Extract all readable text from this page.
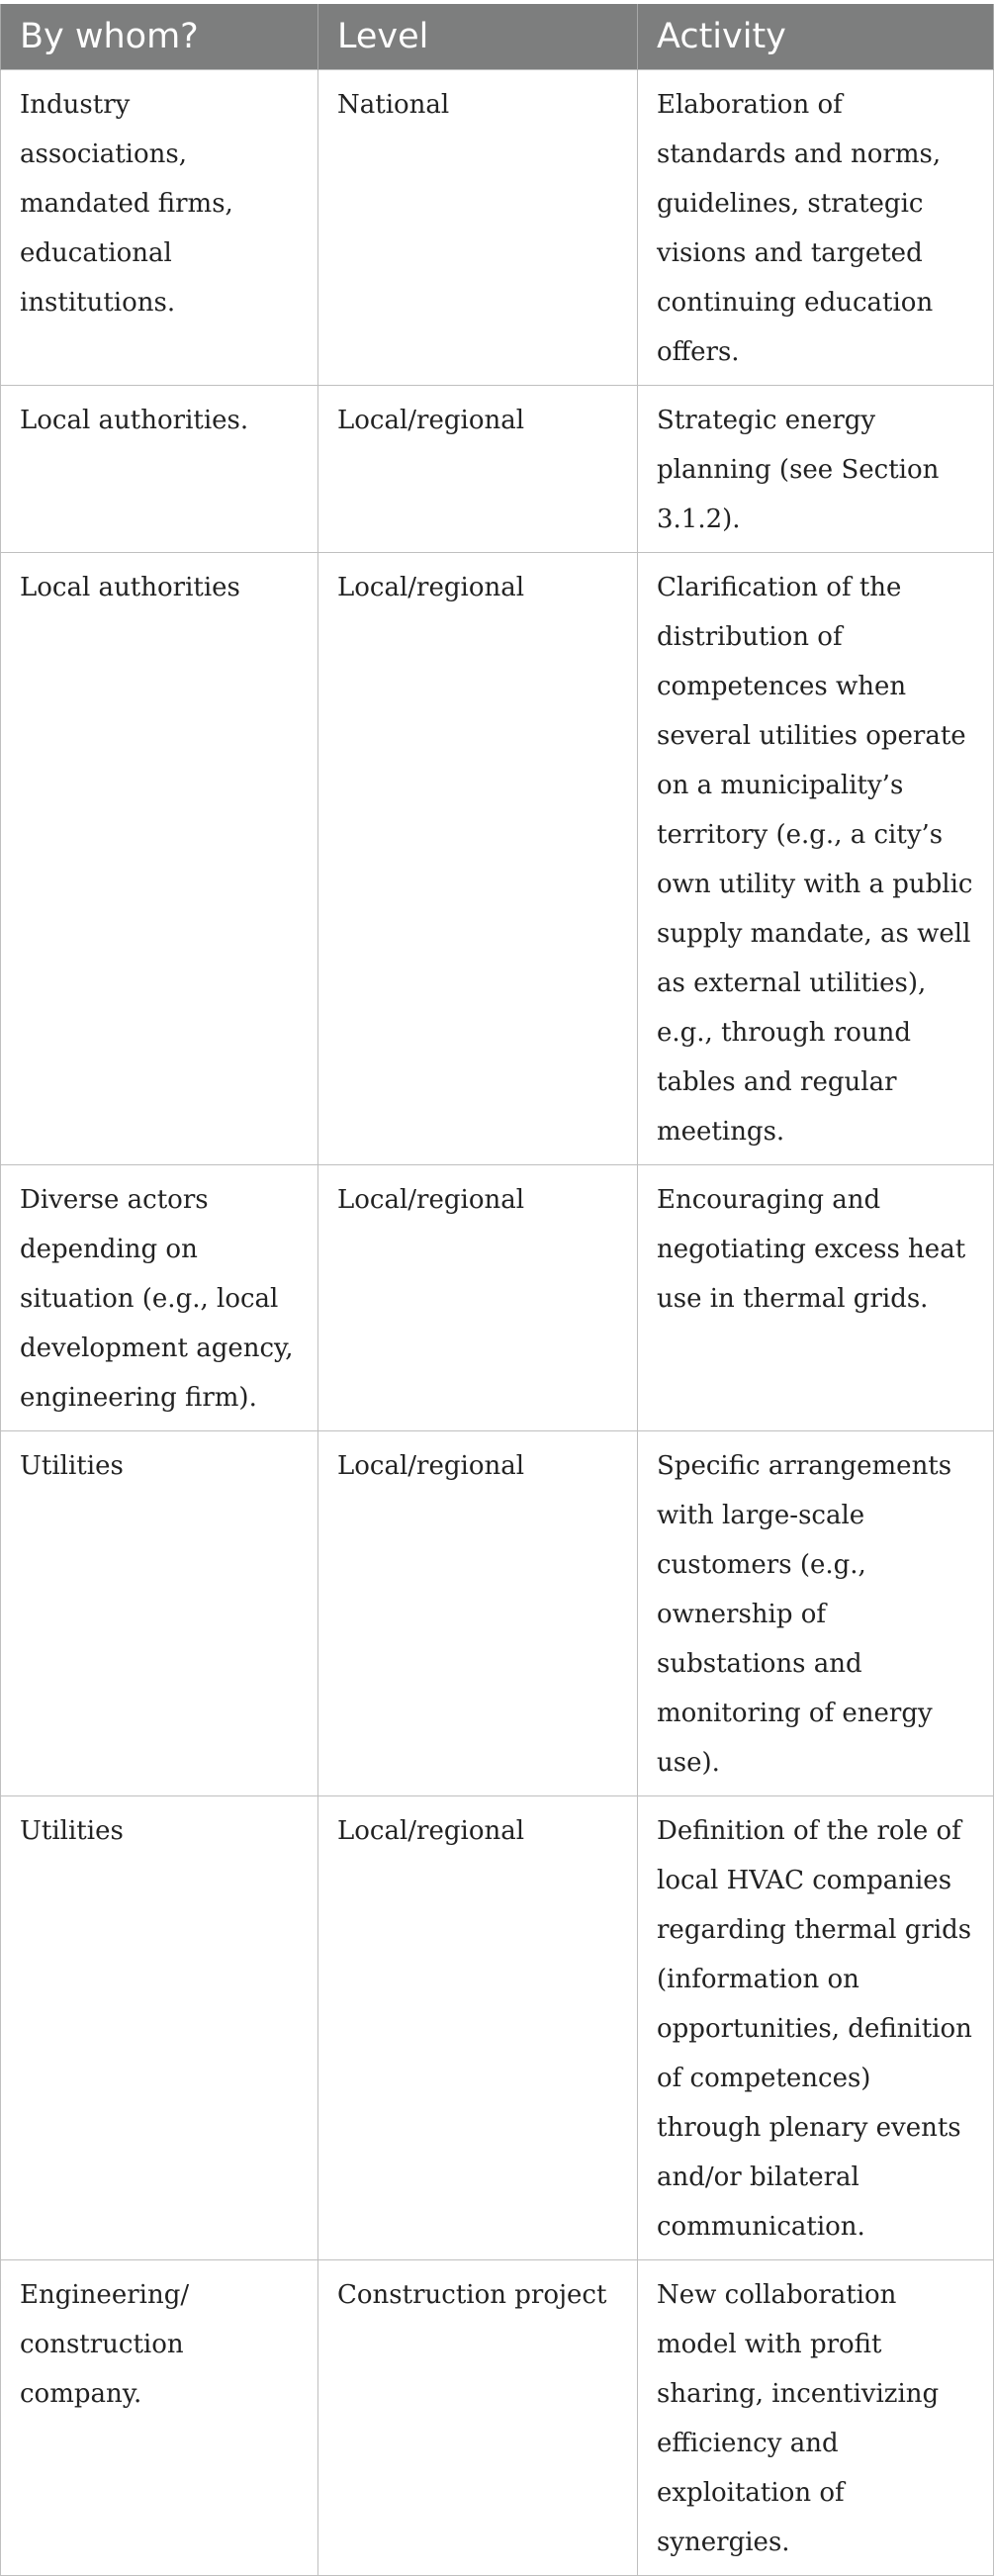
By whom?	Level	Activity
Industry associations, mandated firms, educational institutions.	National	Elaboration of standards and norms, guidelines, strategic visions and targeted continuing education offers.
Local authorities.	Local/regional	Strategic energy planning (see Section 3.1.2).
Local authorities	Local/regional	Clarification of the distribution of competences when several utilities operate on a municipality’s territory (e.g., a city’s own utility with a public supply mandate, as well as external utilities), e.g., through round tables and regular meetings.
Diverse actors depending on situation (e.g., local development agency, engineering firm).	Local/regional	Encouraging and negotiating excess heat use in thermal grids.
Utilities	Local/regional	Specific arrangements with large-scale customers (e.g., ownership of substations and monitoring of energy use).
Utilities	Local/regional	Definition of the role of local HVAC companies regarding thermal grids (information on opportunities, definition of competences) through plenary events and/or bilateral communication.
Engineering/ construction company.	Construction project	New collaboration model with profit sharing, incentivizing efficiency and exploitation of synergies.
